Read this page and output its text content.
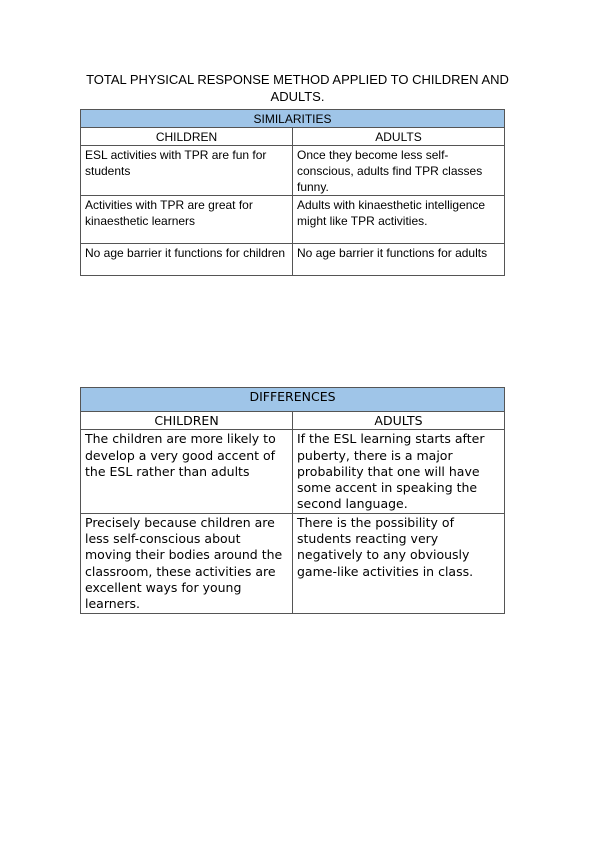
TOTAL PHYSICAL RESPONSE METHOD APPLIED TO CHILDREN AND ADULTS.
SIMILARITIES	
CHILDREN	ADULTS
ESL activities with TPR are fun for students	Once they become less self-conscious, adults find TPR classes funny.
Activities with TPR are great for kinaesthetic learners	Adults with kinaesthetic intelligence might like TPR activities.
No age barrier it functions for children	No age barrier it functions for adults
DIFFERENCES	
CHILDREN	ADULTS
The children are more likely to develop a very good accent of the ESL rather than adults	If the ESL learning starts after puberty, there is a major probability that one will have some accent in speaking the second language.
Precisely because children are less self-conscious about moving their bodies around the classroom, these activities are excellent ways for young learners.	There is the possibility of students reacting very negatively to any obviously game-like activities in class.
